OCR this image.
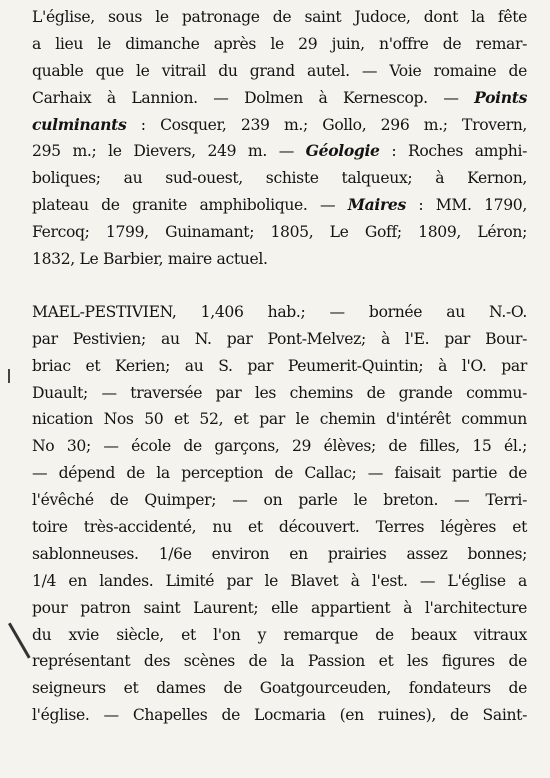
L'église, sous le patronage de saint Judoce, dont la fête
a lieu le dimanche après le 29 juin, n'offre de remar-
quable que le vitrail du grand autel. — Voie romaine de
Carhaix à Lannion. — Dolmen à Kernescop. — Points
culminants : Cosquer, 239 m.; Gollo, 296 m.; Trovern,
295 m.; le Dievers, 249 m. — Géologie : Roches amphi-
boliques; au sud-ouest, schiste talqueux; à Kernon,
plateau de granite amphibolique. — Maires : MM. 1790,
Fercoq; 1799, Guinamant; 1805, Le Goff; 1809, Léron;
1832, Le Barbier, maire actuel.
MAEL-PESTIVIEN, 1,406 hab.; — bornée au N.-O.
par Pestivien; au N. par Pont-Melvez; à l'E. par Bour-
briac et Kerien; au S. par Peumerit-Quintin; à l'O. par
Duault; — traversée par les chemins de grande commu-
nication Nos 50 et 52, et par le chemin d'intérêt commun
No 30; — école de garçons, 29 élèves; de filles, 15 él.;
— dépend de la perception de Callac; — faisait partie de
l'évêché de Quimper; — on parle le breton. — Terri-
toire très-accidenté, nu et découvert. Terres légères et
sablonneuses. 1/6e environ en prairies assez bonnes;
1/4 en landes. Limité par le Blavet à l'est. — L'église a
pour patron saint Laurent; elle appartient à l'architecture
du xvie siècle, et l'on y remarque de beaux vitraux
représentant des scènes de la Passion et les figures de
seigneurs et dames de Goatgourceuden, fondateurs de
l'église. — Chapelles de Locmaria (en ruines), de Saint-
